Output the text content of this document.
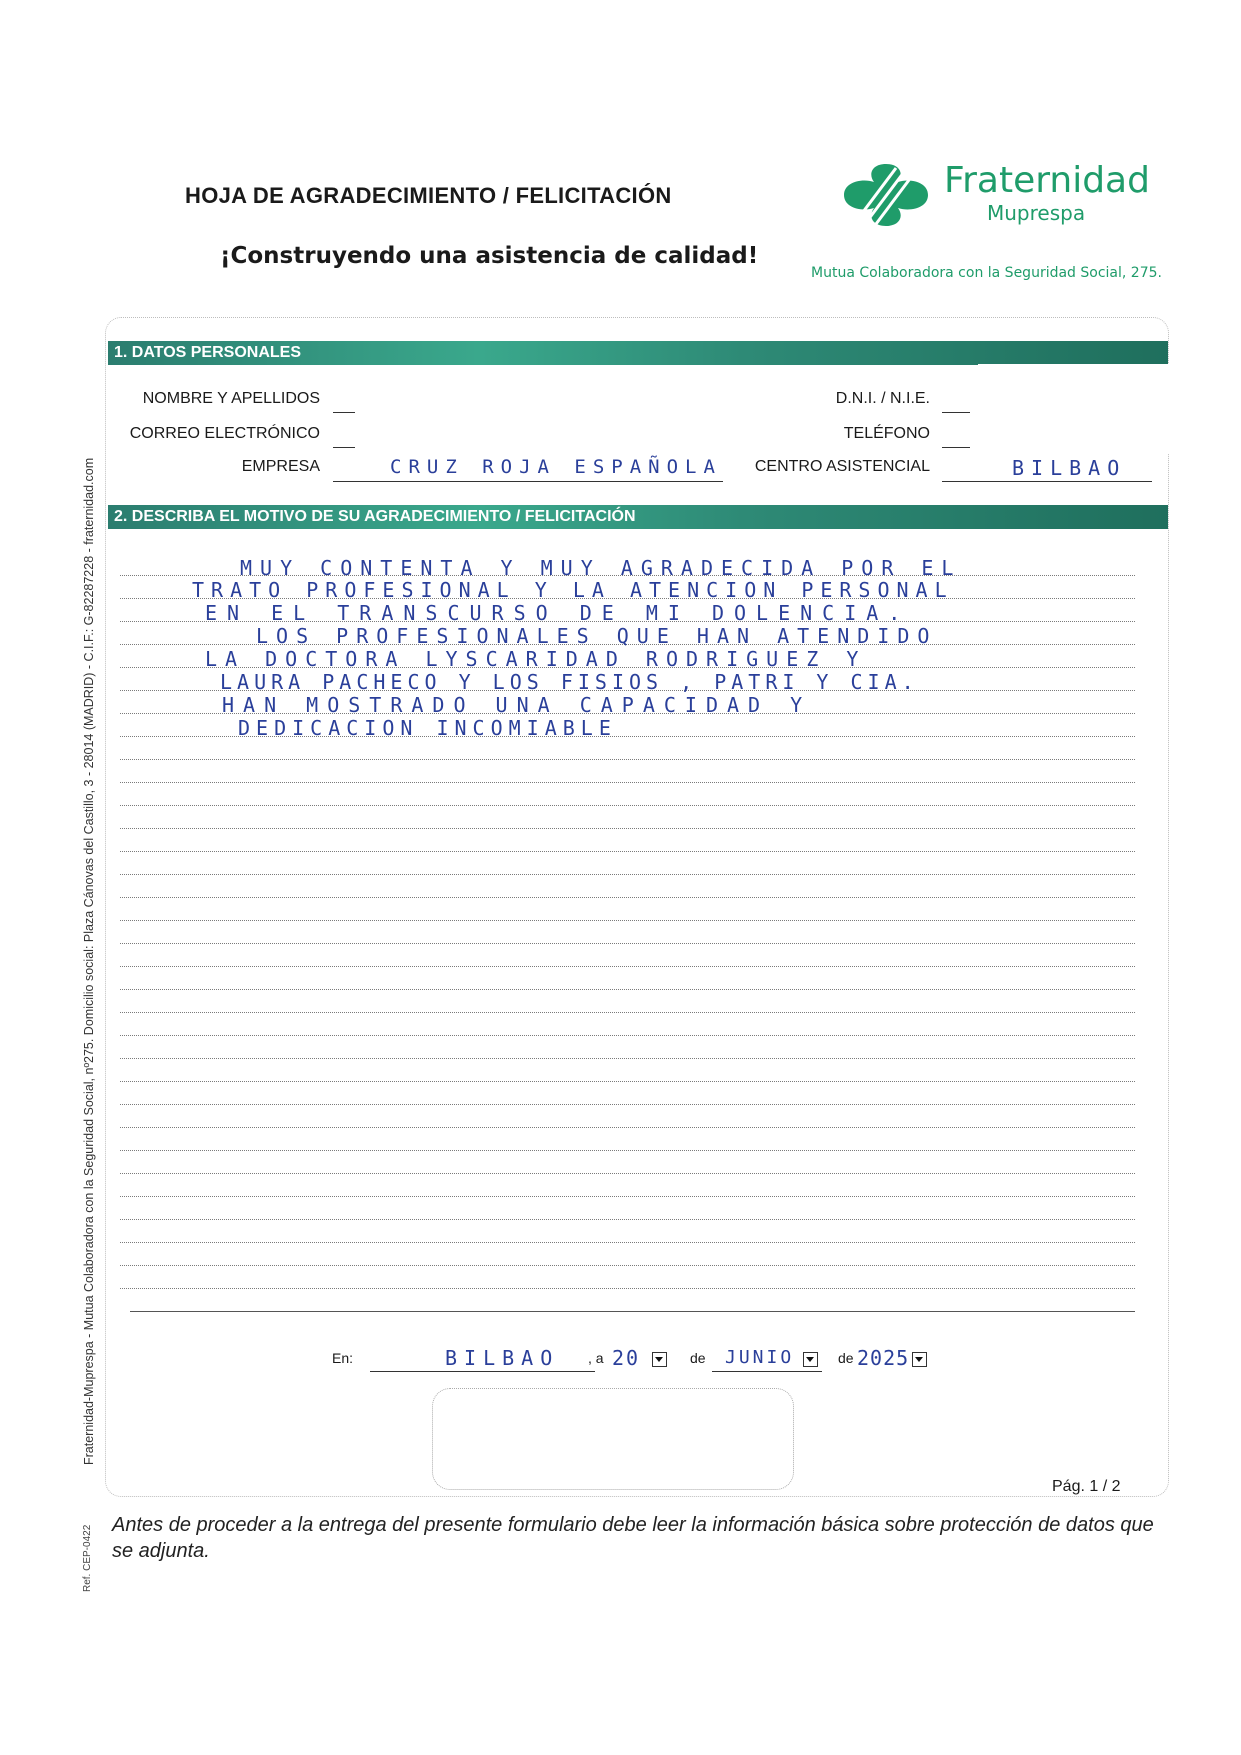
HOJA DE AGRADECIMIENTO / FELICITACIÓN
¡Construyendo una asistencia de calidad!
Fraternidad
Muprespa
Mutua Colaboradora con la Seguridad Social, 275.
1. DATOS PERSONALES
NOMBRE Y APELLIDOS
CORREO ELECTRÓNICO
EMPRESA	CRUZ ROJA ESPAÑOLA
D.N.I. / N.I.E.
TELÉFONO
CENTRO ASISTENCIAL	BILBAO
2. DESCRIBA EL MOTIVO DE SU AGRADECIMIENTO / FELICITACIÓN
MUY CONTENTA Y MUY AGRADECIDA POR EL
TRATO PROFESIONAL Y LA ATENCION PERSONAL
EN EL TRANSCURSO DE MI DOLENCIA.
LOS PROFESIONALES QUE HAN ATENDIDO
LA DOCTORA LYSCARIDAD RODRIGUEZ Y
LAURA PACHECO Y LOS FISIOS , PATRI Y CIA.
HAN MOSTRADO UNA CAPACIDAD Y
DEDICACION INCOMIABLE
En:	BILBAO , a 20	de JUNIO	de 2025
Pág. 1 / 2
Fraternidad-Muprespa - Mutua Colaboradora con la Seguridad Social, nº275. Domicilio social: Plaza Cánovas del Castillo, 3 - 28014 (MADRID) - C.I.F.: G-82287228 - fraternidad.com
Ref. CEP-0422 Antes de proceder a la entrega del presente formulario debe leer la información básica sobre protección de datos que se adjunta.
